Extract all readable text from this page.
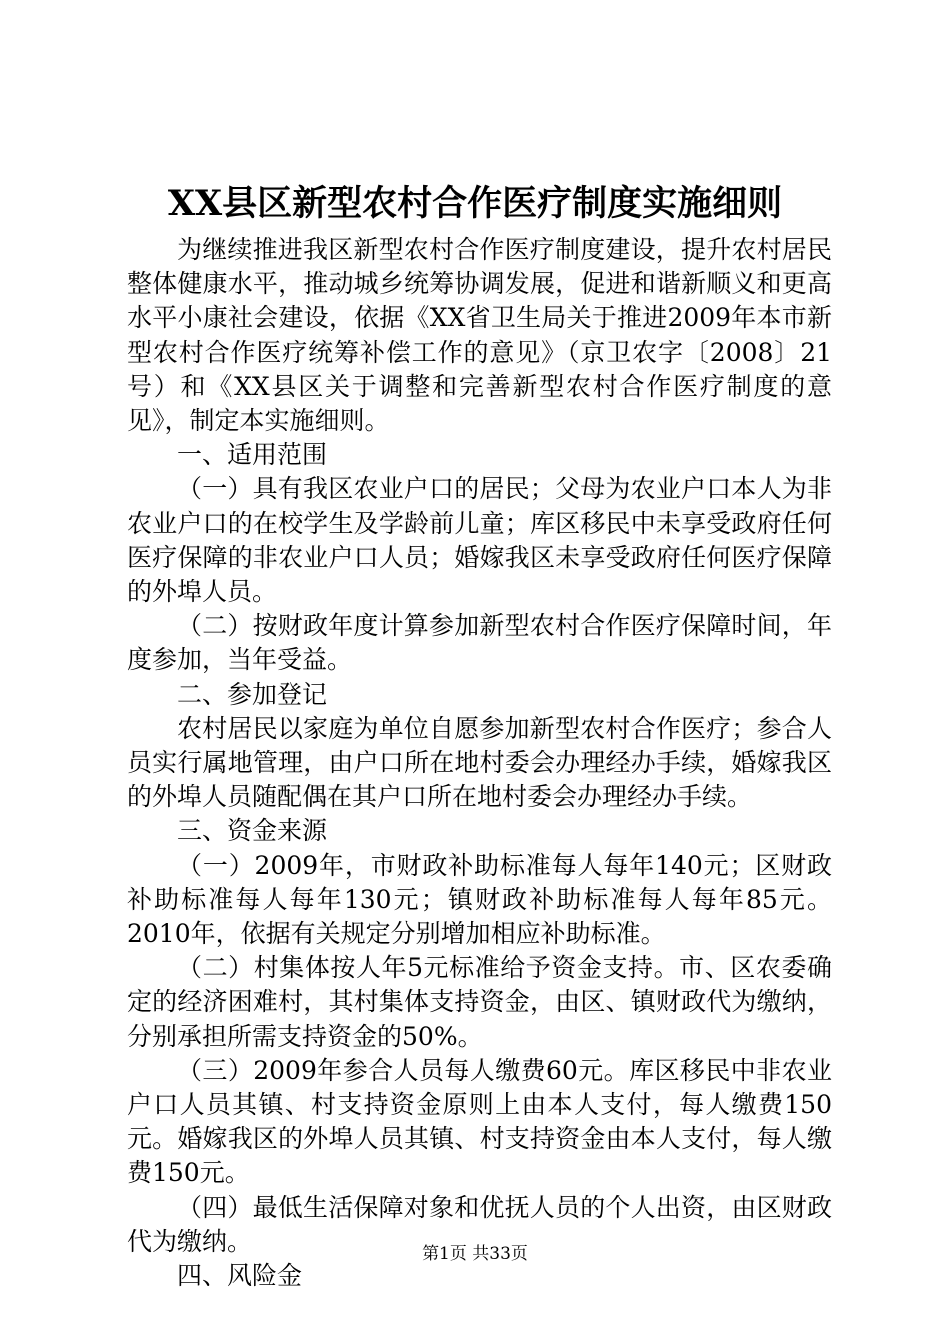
XX县区新型农村合作医疗制度实施细则

为继续推进我区新型农村合作医疗制度建设，提升农村居民整体健康水平，推动城乡统筹协调发展，促进和谐新顺义和更高水平小康社会建设，依据《XX省卫生局关于推进2009年本市新型农村合作医疗统筹补偿工作的意见》（京卫农字〔2008〕21号）和《XX县区关于调整和完善新型农村合作医疗制度的意见》，制定本实施细则。

一、适用范围

（一）具有我区农业户口的居民；父母为农业户口本人为非农业户口的在校学生及学龄前儿童；库区移民中未享受政府任何医疗保障的非农业户口人员；婚嫁我区未享受政府任何医疗保障的外埠人员。

（二）按财政年度计算参加新型农村合作医疗保障时间，年度参加，当年受益。

二、参加登记

农村居民以家庭为单位自愿参加新型农村合作医疗；参合人员实行属地管理，由户口所在地村委会办理经办手续，婚嫁我区的外埠人员随配偶在其户口所在地村委会办理经办手续。

三、资金来源

（一）2009年，市财政补助标准每人每年140元；区财政补助标准每人每年130元；镇财政补助标准每人每年85元。2010年，依据有关规定分别增加相应补助标准。

（二）村集体按人年5元标准给予资金支持。市、区农委确定的经济困难村，其村集体支持资金，由区、镇财政代为缴纳，分别承担所需支持资金的50%。

（三）2009年参合人员每人缴费60元。库区移民中非农业户口人员其镇、村支持资金原则上由本人支付，每人缴费150元。婚嫁我区的外埠人员其镇、村支持资金由本人支付，每人缴费150元。

（四）最低生活保障对象和优抚人员的个人出资，由区财政代为缴纳。

四、风险金

第1页 共33页
